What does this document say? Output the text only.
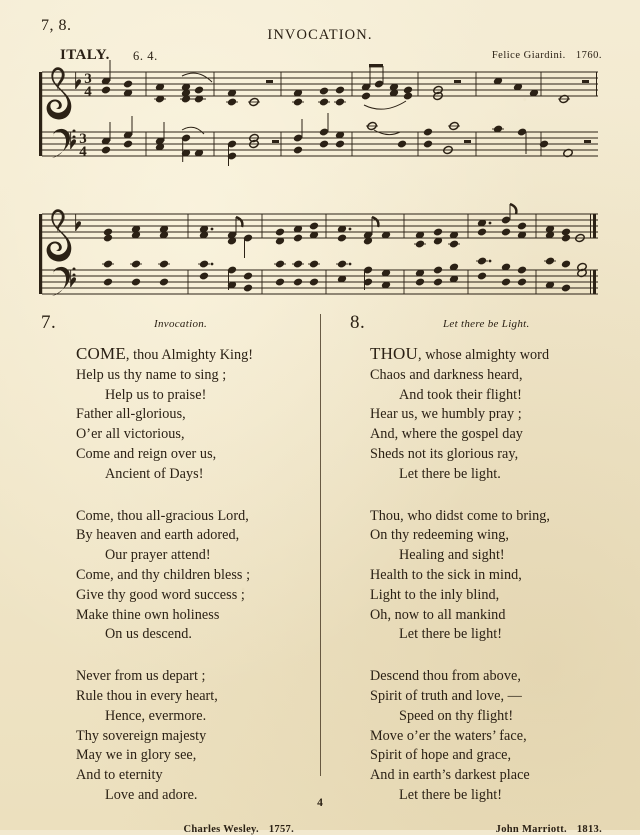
7, 8.
INVOCATION.
ITALY. 6. 4.	Felice Giardini. 1760.
3
4
3
4
7.	Invocation.
COME, thou Almighty King!
Help us thy name to sing ;
Help us to praise!
Father all-glorious,
O’er all victorious,
Come and reign over us,
Ancient of Days!
Come, thou all-gracious Lord,
By heaven and earth adored,
Our prayer attend!
Come, and thy children bless ;
Give thy good word success ;
Make thine own holiness
On us descend.
Never from us depart ;
Rule thou in every heart,
Hence, evermore.
Thy sovereign majesty
May we in glory see,
And to eternity
Love and adore.
Charles Wesley. 1757.
8.	Let there be Light.
THOU, whose almighty word
Chaos and darkness heard,
And took their flight!
Hear us, we humbly pray ;
And, where the gospel day
Sheds not its glorious ray,
Let there be light.
Thou, who didst come to bring,
On thy redeeming wing,
Healing and sight!
Health to the sick in mind,
Light to the inly blind,
Oh, now to all mankind
Let there be light!
Descend thou from above,
Spirit of truth and love, —
Speed on thy flight!
Move o’er the waters’ face,
Spirit of hope and grace,
And in earth’s darkest place
Let there be light!
John Marriott. 1813.
4
